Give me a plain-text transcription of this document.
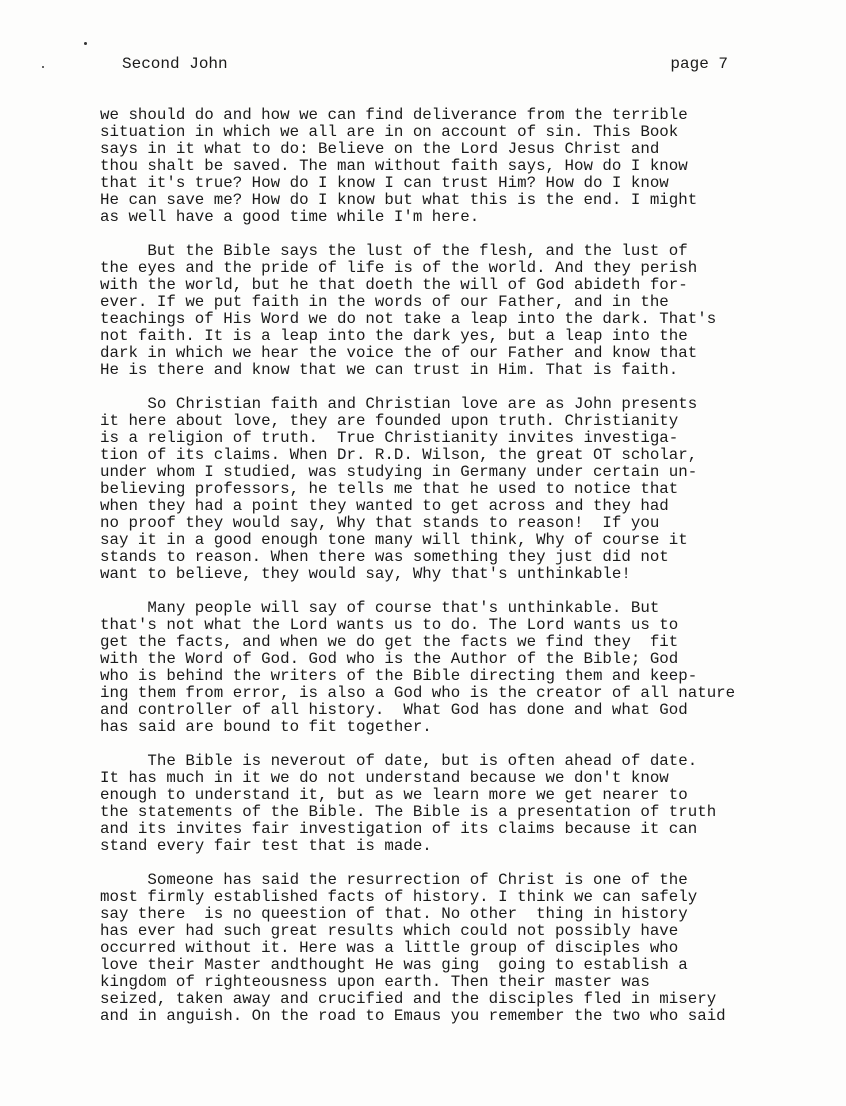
Second John	page 7
we should do and how we can find deliverance from the terrible
situation in which we all are in on account of sin. This Book
says in it what to do: Believe on the Lord Jesus Christ and
thou shalt be saved. The man without faith says, How do I know
that it's true? How do I know I can trust Him? How do I know
He can save me? How do I know but what this is the end. I might
as well have a good time while I'm here.
But the Bible says the lust of the flesh, and the lust of
the eyes and the pride of life is of the world. And they perish
with the world, but he that doeth the will of God abideth for-
ever. If we put faith in the words of our Father, and in the
teachings of His Word we do not take a leap into the dark. That's
not faith. It is a leap into the dark yes, but a leap into the
dark in which we hear the voice the of our Father and know that
He is there and know that we can trust in Him. That is faith.
So Christian faith and Christian love are as John presents
it here about love, they are founded upon truth. Christianity
is a religion of truth.  True Christianity invites investiga-
tion of its claims. When Dr. R.D. Wilson, the great OT scholar,
under whom I studied, was studying in Germany under certain un-
believing professors, he tells me that he used to notice that
when they had a point they wanted to get across and they had
no proof they would say, Why that stands to reason!  If you
say it in a good enough tone many will think, Why of course it
stands to reason. When there was something they just did not
want to believe, they would say, Why that's unthinkable!
Many people will say of course that's unthinkable. But
that's not what the Lord wants us to do. The Lord wants us to
get the facts, and when we do get the facts we find they  fit
with the Word of God. God who is the Author of the Bible; God
who is behind the writers of the Bible directing them and keep-
ing them from error, is also a God who is the creator of all nature
and controller of all history.  What God has done and what God
has said are bound to fit together.
The Bible is neverout of date, but is often ahead of date.
It has much in it we do not understand because we don't know
enough to understand it, but as we learn more we get nearer to
the statements of the Bible. The Bible is a presentation of truth
and its invites fair investigation of its claims because it can
stand every fair test that is made.
Someone has said the resurrection of Christ is one of the
most firmly established facts of history. I think we can safely
say there  is no queestion of that. No other  thing in history
has ever had such great results which could not possibly have
occurred without it. Here was a little group of disciples who
love their Master andthought He was ging  going to establish a
kingdom of righteousness upon earth. Then their master was
seized, taken away and crucified and the disciples fled in misery
and in anguish. On the road to Emaus you remember the two who said
